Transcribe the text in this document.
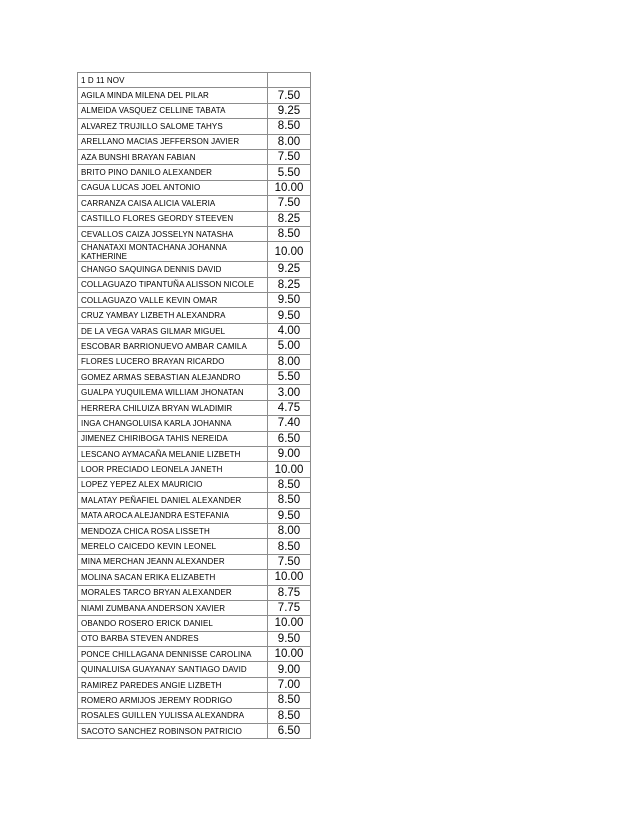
1 D 11 NOV	
AGILA MINDA MILENA DEL PILAR	7.50
ALMEIDA VASQUEZ CELLINE TABATA	9.25
ALVAREZ TRUJILLO SALOME TAHYS	8.50
ARELLANO MACIAS JEFFERSON JAVIER	8.00
AZA BUNSHI BRAYAN FABIAN	7.50
BRITO PINO DANILO ALEXANDER	5.50
CAGUA LUCAS JOEL ANTONIO	10.00
CARRANZA CAISA ALICIA VALERIA	7.50
CASTILLO FLORES GEORDY STEEVEN	8.25
CEVALLOS CAIZA JOSSELYN NATASHA	8.50
CHANATAXI MONTACHANA JOHANNA KATHERINE	10.00
CHANGO SAQUINGA DENNIS DAVID	9.25
COLLAGUAZO TIPANTUÑA ALISSON NICOLE	8.25
COLLAGUAZO VALLE KEVIN OMAR	9.50
CRUZ YAMBAY LIZBETH ALEXANDRA	9.50
DE LA VEGA VARAS GILMAR MIGUEL	4.00
ESCOBAR BARRIONUEVO AMBAR CAMILA	5.00
FLORES LUCERO BRAYAN RICARDO	8.00
GOMEZ ARMAS SEBASTIAN ALEJANDRO	5.50
GUALPA YUQUILEMA WILLIAM JHONATAN	3.00
HERRERA CHILUIZA BRYAN WLADIMIR	4.75
INGA CHANGOLUISA KARLA JOHANNA	7.40
JIMENEZ CHIRIBOGA TAHIS NEREIDA	6.50
LESCANO AYMACAÑA MELANIE LIZBETH	9.00
LOOR PRECIADO LEONELA JANETH	10.00
LOPEZ YEPEZ ALEX MAURICIO	8.50
MALATAY PEÑAFIEL DANIEL ALEXANDER	8.50
MATA AROCA ALEJANDRA ESTEFANIA	9.50
MENDOZA CHICA ROSA LISSETH	8.00
MERELO CAICEDO KEVIN LEONEL	8.50
MINA MERCHAN JEANN ALEXANDER	7.50
MOLINA SACAN ERIKA ELIZABETH	10.00
MORALES TARCO BRYAN ALEXANDER	8.75
NIAMI ZUMBANA ANDERSON XAVIER	7.75
OBANDO ROSERO ERICK DANIEL	10.00
OTO BARBA STEVEN ANDRES	9.50
PONCE CHILLAGANA DENNISSE CAROLINA	10.00
QUINALUISA GUAYANAY SANTIAGO DAVID	9.00
RAMIREZ PAREDES ANGIE LIZBETH	7.00
ROMERO ARMIJOS JEREMY RODRIGO	8.50
ROSALES GUILLEN YULISSA ALEXANDRA	8.50
SACOTO SANCHEZ ROBINSON PATRICIO	6.50
